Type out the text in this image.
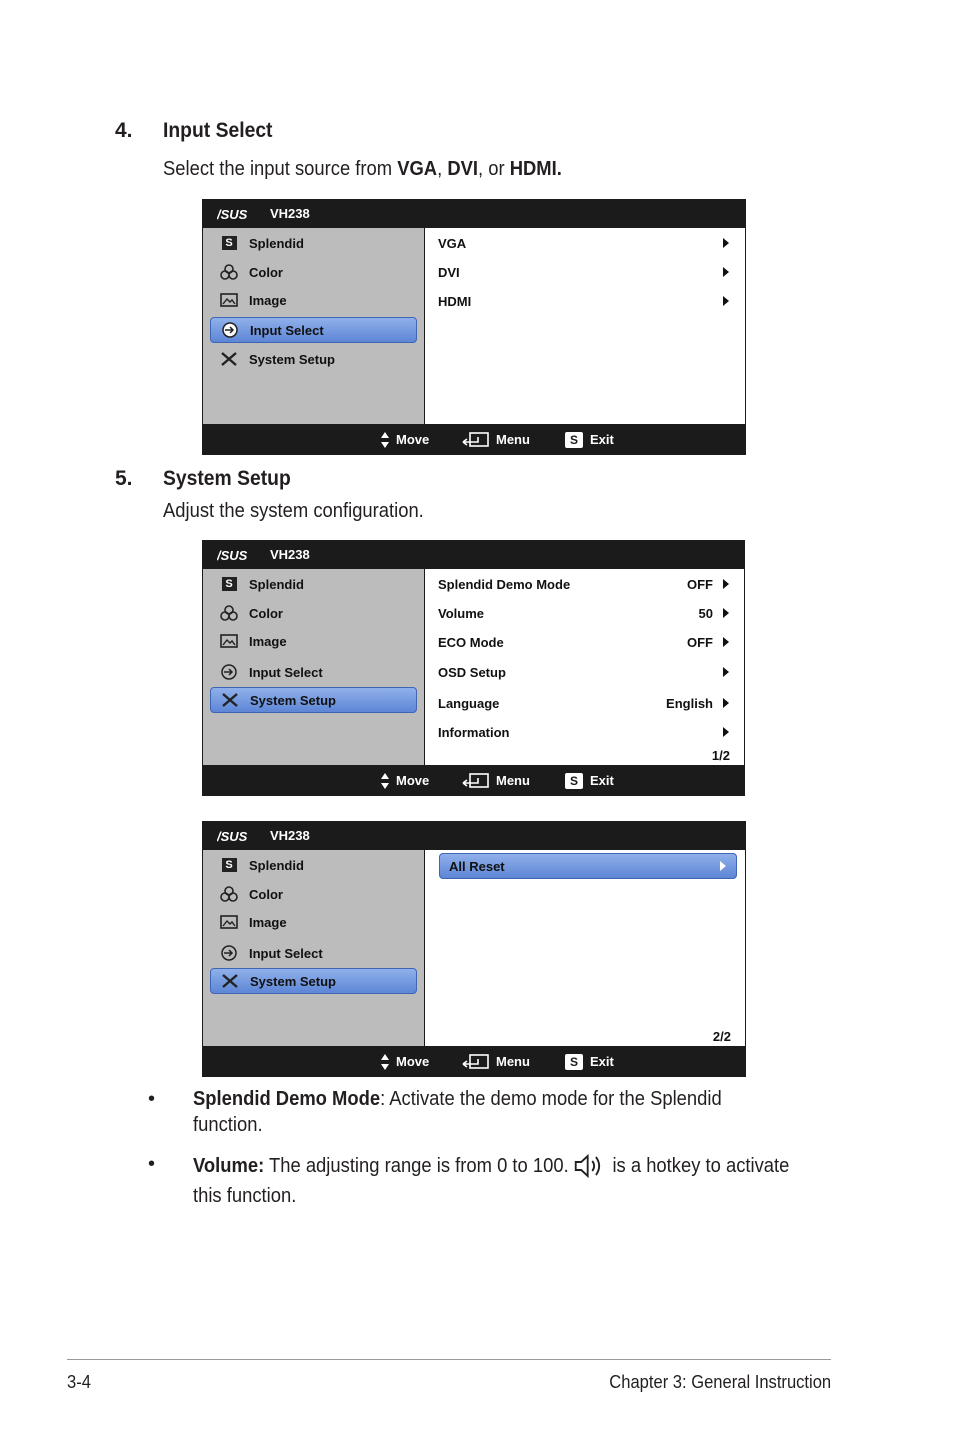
4. Input Select
Select the input source from VGA, DVI, or HDMI.
/SUS VH238
S Splendid
Color
Image
Input Select
System Setup
VGA
DVI
HDMI
Move	Menu	S Exit
5. System Setup
Adjust the system configuration.
/SUS VH238
S Splendid
Color
Image
Input Select
System Setup
Splendid Demo Mode	OFF
Volume	50
ECO Mode	OFF
OSD Setup
Language	English
Information
1/2
Move	Menu	S Exit
/SUS VH238
S Splendid
Color
Image
Input Select
System Setup
All Reset
2/2
Move	Menu	S Exit
• Splendid Demo Mode: Activate the demo mode for the Splendid
function.
• Volume: The adjusting range is from 0 to 100. is a hotkey to activate
this function.
3-4	Chapter 3: General Instruction
